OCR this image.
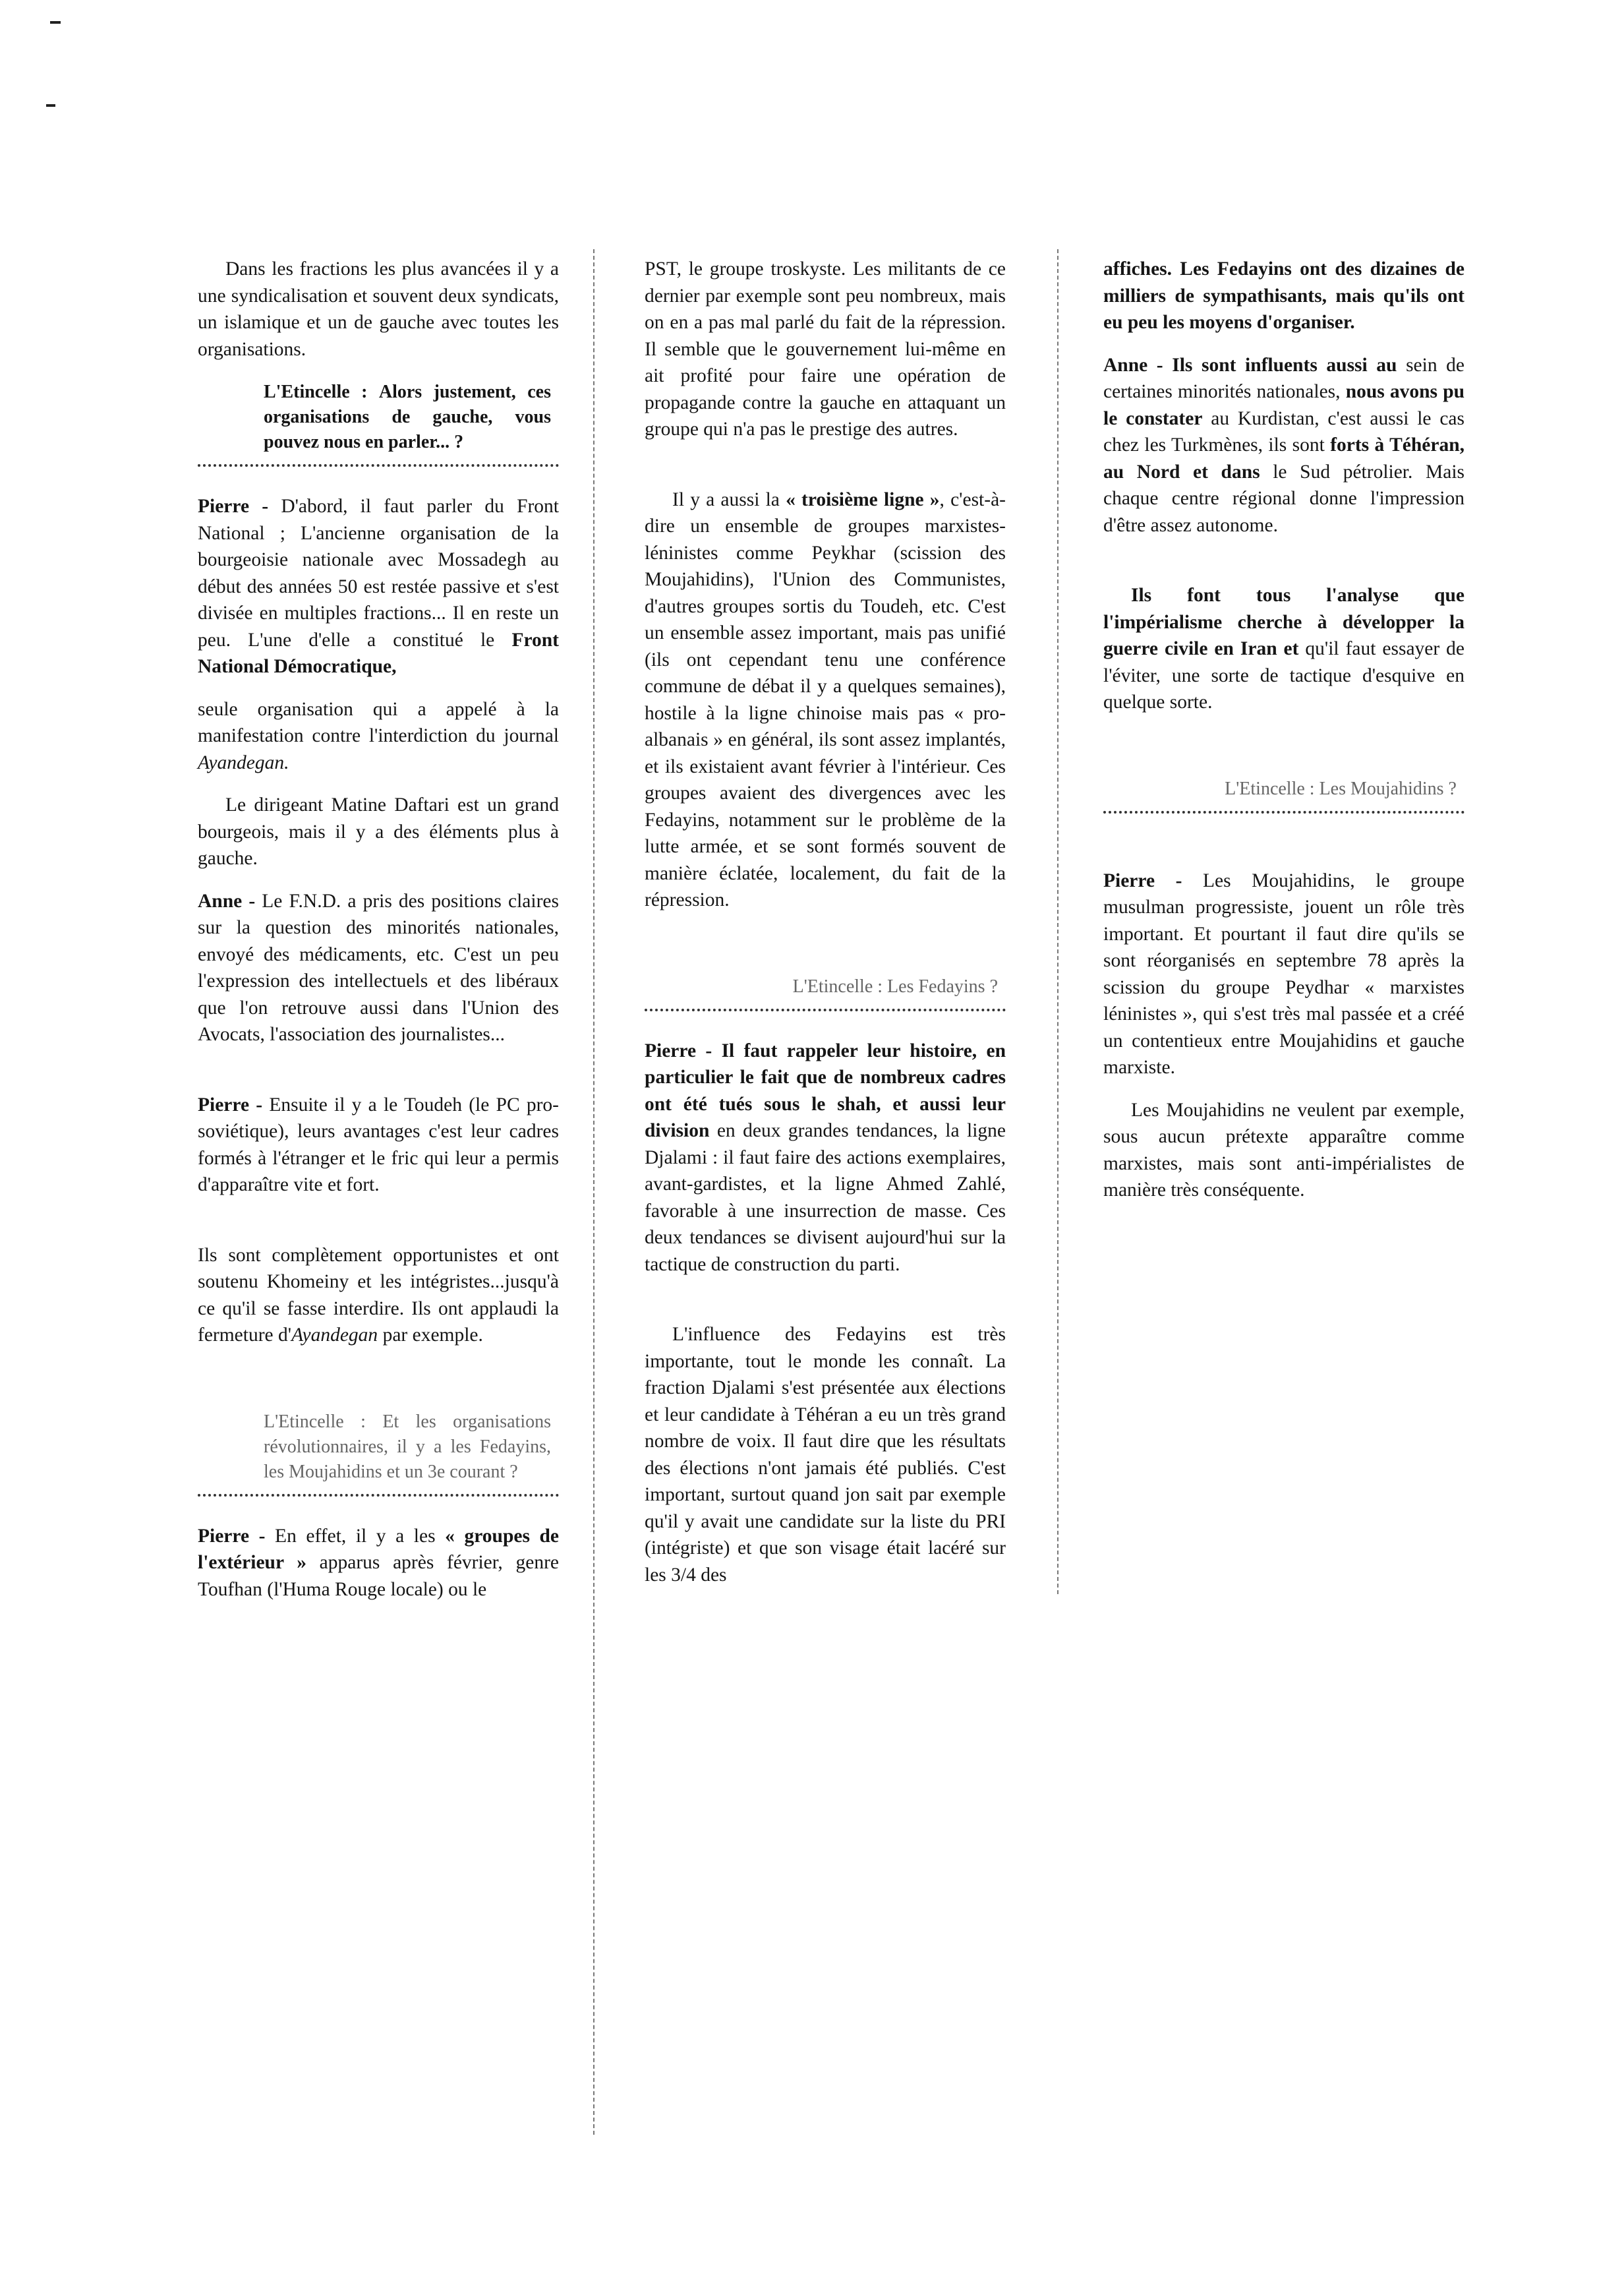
Dans les fractions les plus avancées il y a une syndicalisation et souvent deux syndicats, un islamique et un de gauche avec toutes les organisations.

L'Etincelle : Alors justement, ces organisations de gauche, vous pouvez nous en parler... ?

Pierre - D'abord, il faut parler du Front National ; L'ancienne organisation de la bourgeoisie nationale avec Mossadegh au début des années 50 est restée passive et s'est divisée en multiples fractions... Il en reste un peu. L'une d'elle a constitué le Front National Démocratique,

seule organisation qui a appelé à la manifestation contre l'interdiction du journal Ayandegan.

Le dirigeant Matine Daftari est un grand bourgeois, mais il y a des éléments plus à gauche.

Anne - Le F.N.D. a pris des positions claires sur la question des minorités nationales, envoyé des médicaments, etc. C'est un peu l'expression des intellectuels et des libéraux que l'on retrouve aussi dans l'Union des Avocats, l'association des journalistes...

Pierre - Ensuite il y a le Toudeh (le PC pro-soviétique), leurs avantages c'est leur cadres formés à l'étranger et le fric qui leur a permis d'apparaître vite et fort.

Ils sont complètement opportunistes et ont soutenu Khomeiny et les intégristes...jusqu'à ce qu'il se fasse interdire. Ils ont applaudi la fermeture d'Ayandegan par exemple.

L'Etincelle : Et les organisations révolutionnaires, il y a les Fedayins, les Moujahidins et un 3e courant ?

Pierre - En effet, il y a les « groupes de l'extérieur » apparus après février, genre Toufhan (l'Huma Rouge locale) ou le

PST, le groupe troskyste. Les militants de ce dernier par exemple sont peu nombreux, mais on en a pas mal parlé du fait de la répression. Il semble que le gouvernement lui-même en ait profité pour faire une opération de propagande contre la gauche en attaquant un groupe qui n'a pas le prestige des autres.

Il y a aussi la « troisième ligne », c'est-à-dire un ensemble de groupes marxistes-léninistes comme Peykhar (scission des Moujahidins), l'Union des Communistes, d'autres groupes sortis du Toudeh, etc. C'est un ensemble assez important, mais pas unifié (ils ont cependant tenu une conférence commune de débat il y a quelques semaines), hostile à la ligne chinoise mais pas « pro-albanais » en général, ils sont assez implantés, et ils existaient avant février à l'intérieur. Ces groupes avaient des divergences avec les Fedayins, notamment sur le problème de la lutte armée, et se sont formés souvent de manière éclatée, localement, du fait de la répression.

L'Etincelle : Les Fedayins ?

Pierre - Il faut rappeler leur histoire, en particulier le fait que de nombreux cadres ont été tués sous le shah, et aussi leur division en deux grandes tendances, la ligne Djalami : il faut faire des actions exemplaires, avant-gardistes, et la ligne Ahmed Zahlé, favorable à une insurrection de masse. Ces deux tendances se divisent aujourd'hui sur la tactique de construction du parti.

L'influence des Fedayins est très importante, tout le monde les connaît. La fraction Djalami s'est présentée aux élections et leur candidate à Téhéran a eu un très grand nombre de voix. Il faut dire que les résultats des élections n'ont jamais été publiés. C'est important, surtout quand jon sait par exemple qu'il y avait une candidate sur la liste du PRI (intégriste) et que son visage était lacéré sur les 3/4 des

affiches. Les Fedayins ont des dizaines de milliers de sympathisants, mais qu'ils ont eu peu les moyens d'organiser.

Anne - Ils sont influents aussi au sein de certaines minorités nationales, nous avons pu le constater au Kurdistan, c'est aussi le cas chez les Turkmènes, ils sont forts à Téhéran, au Nord et dans le Sud pétrolier. Mais chaque centre régional donne l'impression d'être assez autonome.

Ils font tous l'analyse que l'impérialisme cherche à développer la guerre civile en Iran et qu'il faut essayer de l'éviter, une sorte de tactique d'esquive en quelque sorte.

L'Etincelle : Les Moujahidins ?

Pierre - Les Moujahidins, le groupe musulman progressiste, jouent un rôle très important. Et pourtant il faut dire qu'ils se sont réorganisés en septembre 78 après la scission du groupe Peydhar « marxistes léninistes », qui s'est très mal passée et a créé un contentieux entre Moujahidins et gauche marxiste.

Les Moujahidins ne veulent par exemple, sous aucun prétexte apparaître comme marxistes, mais sont anti-impérialistes de manière très conséquente.
